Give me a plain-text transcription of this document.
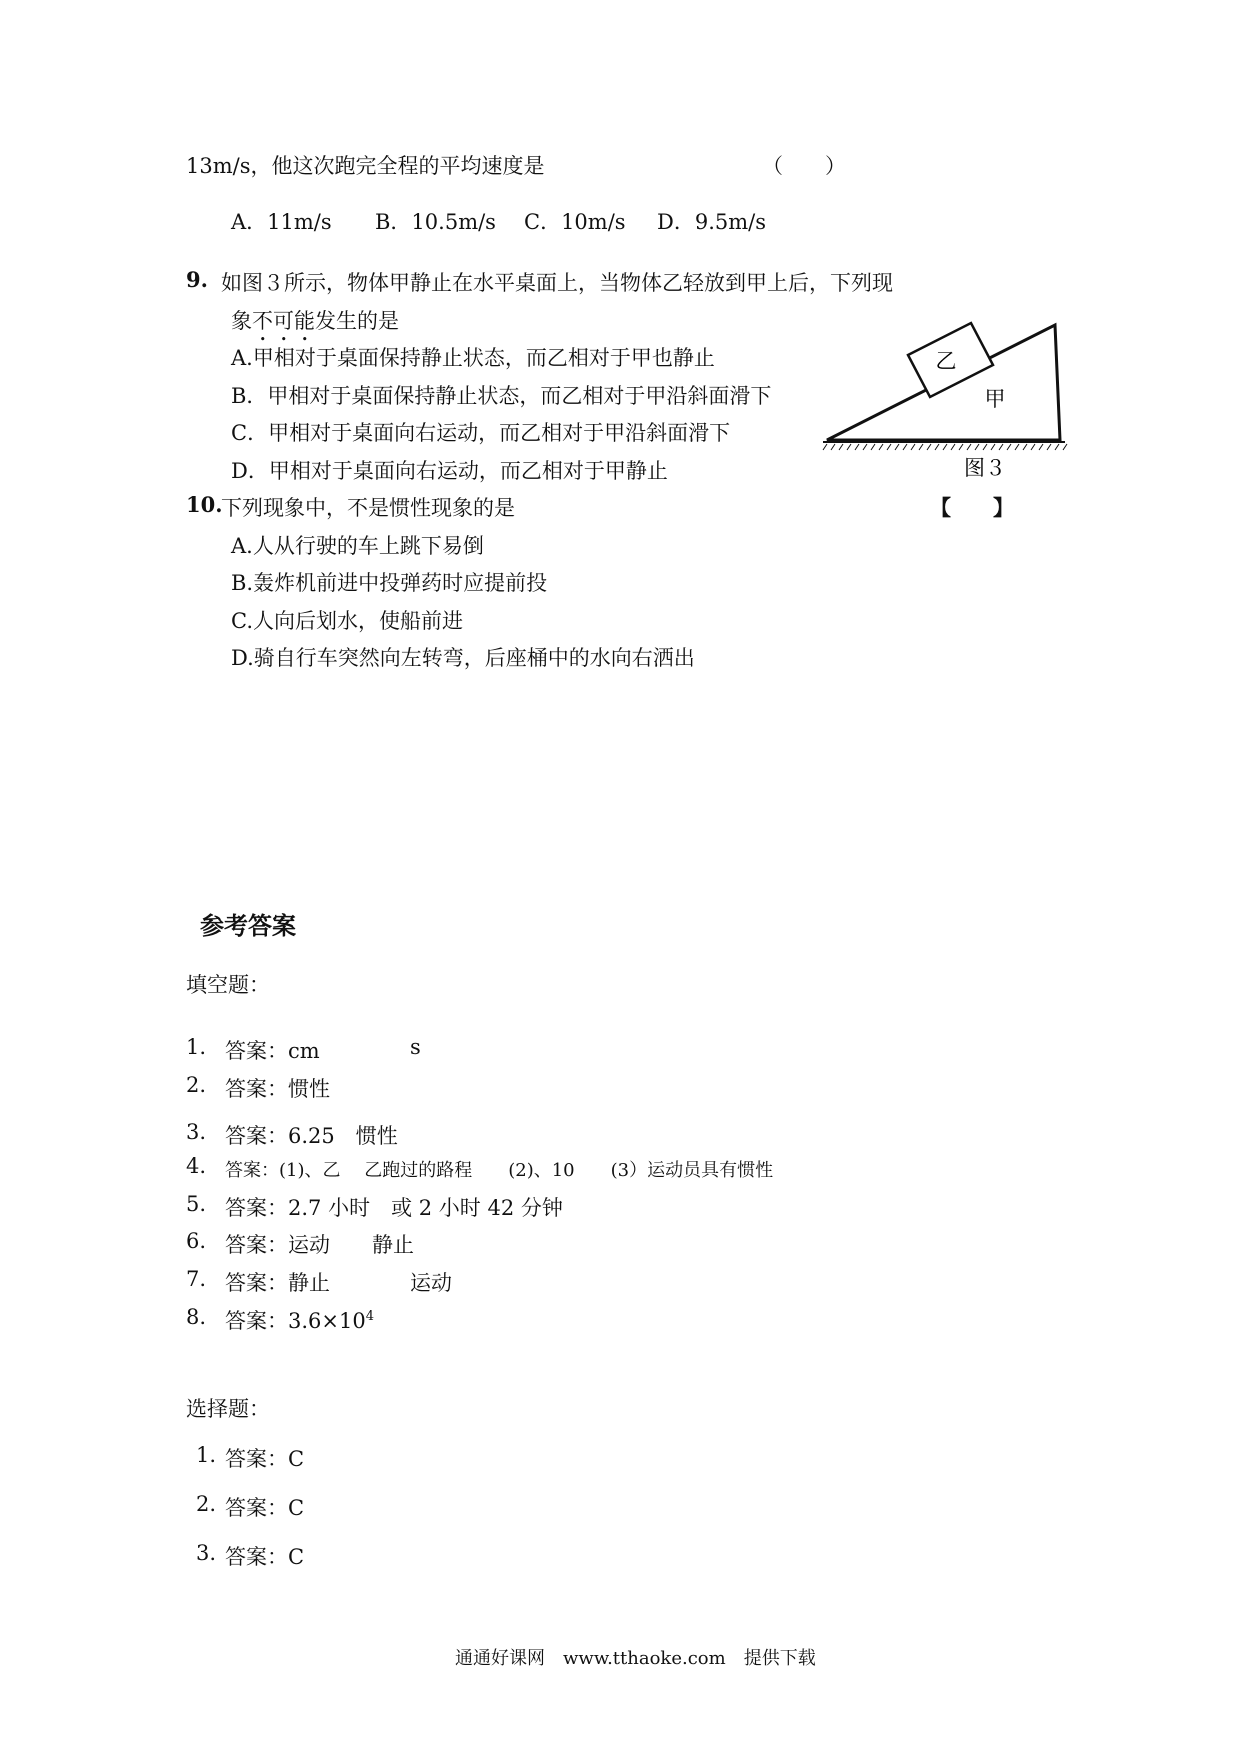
13m/s，他这次跑完全程的平均速度是	（　　）
A．11m/s B．10.5m/s C．10m/s D．9.5m/s
9. 如图３所示，物体甲静止在水平桌面上，当物体乙轻放到甲上后，下列现
象不可能发生的是
A.甲相对于桌面保持静止状态，而乙相对于甲也静止
B．甲相对于桌面保持静止状态，而乙相对于甲沿斜面滑下
C．甲相对于桌面向右运动，而乙相对于甲沿斜面滑下
D．甲相对于桌面向右运动，而乙相对于甲静止
乙
甲
图３
10.
下列现象中，不是惯性现象的是	【　　】
A.人从行驶的车上跳下易倒
B.轰炸机前进中投弹药时应提前投
C.人向后划水，使船前进
D.骑自行车突然向左转弯，后座桶中的水向右洒出
参考答案
填空题：
1. 答案：cm	s
2. 答案：惯性
3. 答案：6.25　惯性
4. 答案：(1)、乙　 乙跑过的路程　　(2)、10　　(3）运动员具有惯性
5. 答案：2.7 小时　或 2 小时 42 分钟
6. 答案：运动　　静止
7. 答案：静止	运动
8. 答案：$3.6\times 10^4$
选择题：
1. 答案：C
2. 答案：C
3. 答案：C
通通好课网　www.tthaoke.com　提供下载
